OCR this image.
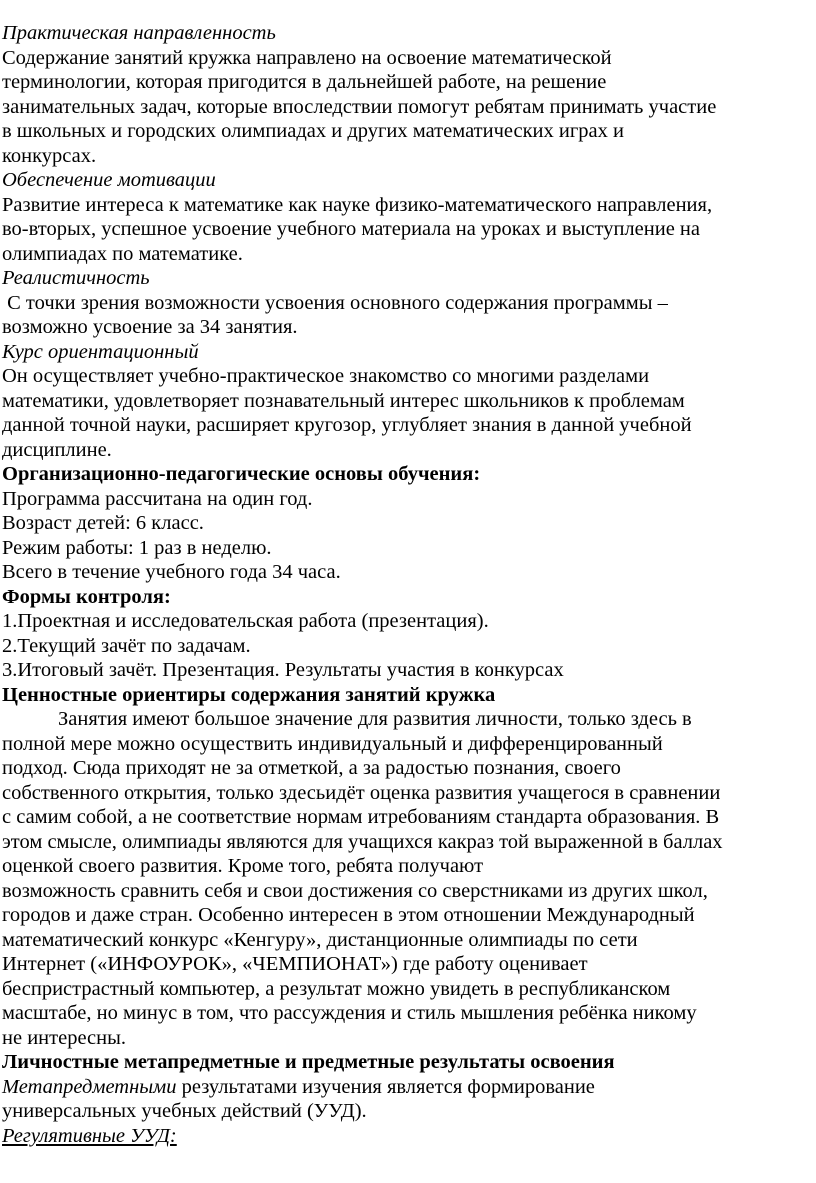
Практическая направленность
Содержание занятий кружка направлено на освоение математической
терминологии, которая пригодится в дальнейшей работе, на решение
занимательных задач, которые впоследствии помогут ребятам принимать участие
в школьных и городских олимпиадах и других математических играх и
конкурсах.
Обеспечение мотивации
Развитие интереса к математике как науке физико-математического направления,
во-вторых, успешное усвоение учебного материала на уроках и выступление на
олимпиадах по математике.
Реалистичность
С точки зрения возможности усвоения основного содержания программы –
возможно усвоение за 34 занятия.
Курс ориентационный
Он осуществляет учебно-практическое знакомство со многими разделами
математики, удовлетворяет познавательный интерес школьников к проблемам
данной точной науки, расширяет кругозор, углубляет знания в данной учебной
дисциплине.
Организационно-педагогические основы обучения:
Программа рассчитана на один год.
Возраст детей: 6 класс.
Режим работы: 1 раз в неделю.
Всего в течение учебного года 34 часа.
Формы контроля:
1.Проектная и исследовательская работа (презентация).
2.Текущий зачёт по задачам.
3.Итоговый зачёт. Презентация. Результаты участия в конкурсах
Ценностные ориентиры содержания занятий кружка
Занятия имеют большое значение для развития личности, только здесь в
полной мере можно осуществить индивидуальный и дифференцированный
подход. Сюда приходят не за отметкой, а за радостью познания, своего
собственного открытия, только здесьидёт оценка развития учащегося в сравнении
с самим собой, а не соответствие нормам итребованиям стандарта образования. В
этом смысле, олимпиады являются для учащихся какраз той выраженной в баллах
оценкой своего развития. Кроме того, ребята получают
возможность сравнить себя и свои достижения со сверстниками из других школ,
городов и даже стран. Особенно интересен в этом отношении Международный
математический конкурс «Кенгуру», дистанционные олимпиады по сети
Интернет («ИНФОУРОК», «ЧЕМПИОНАТ») где работу оценивает
беспристрастный компьютер, а результат можно увидеть в республиканском
масштабе, но минус в том, что рассуждения и стиль мышления ребёнка никому
не интересны.
Личностные метапредметные и предметные результаты освоения
Метапредметными результатами изучения является формирование
универсальных учебных действий (УУД).
Регулятивные УУД:
